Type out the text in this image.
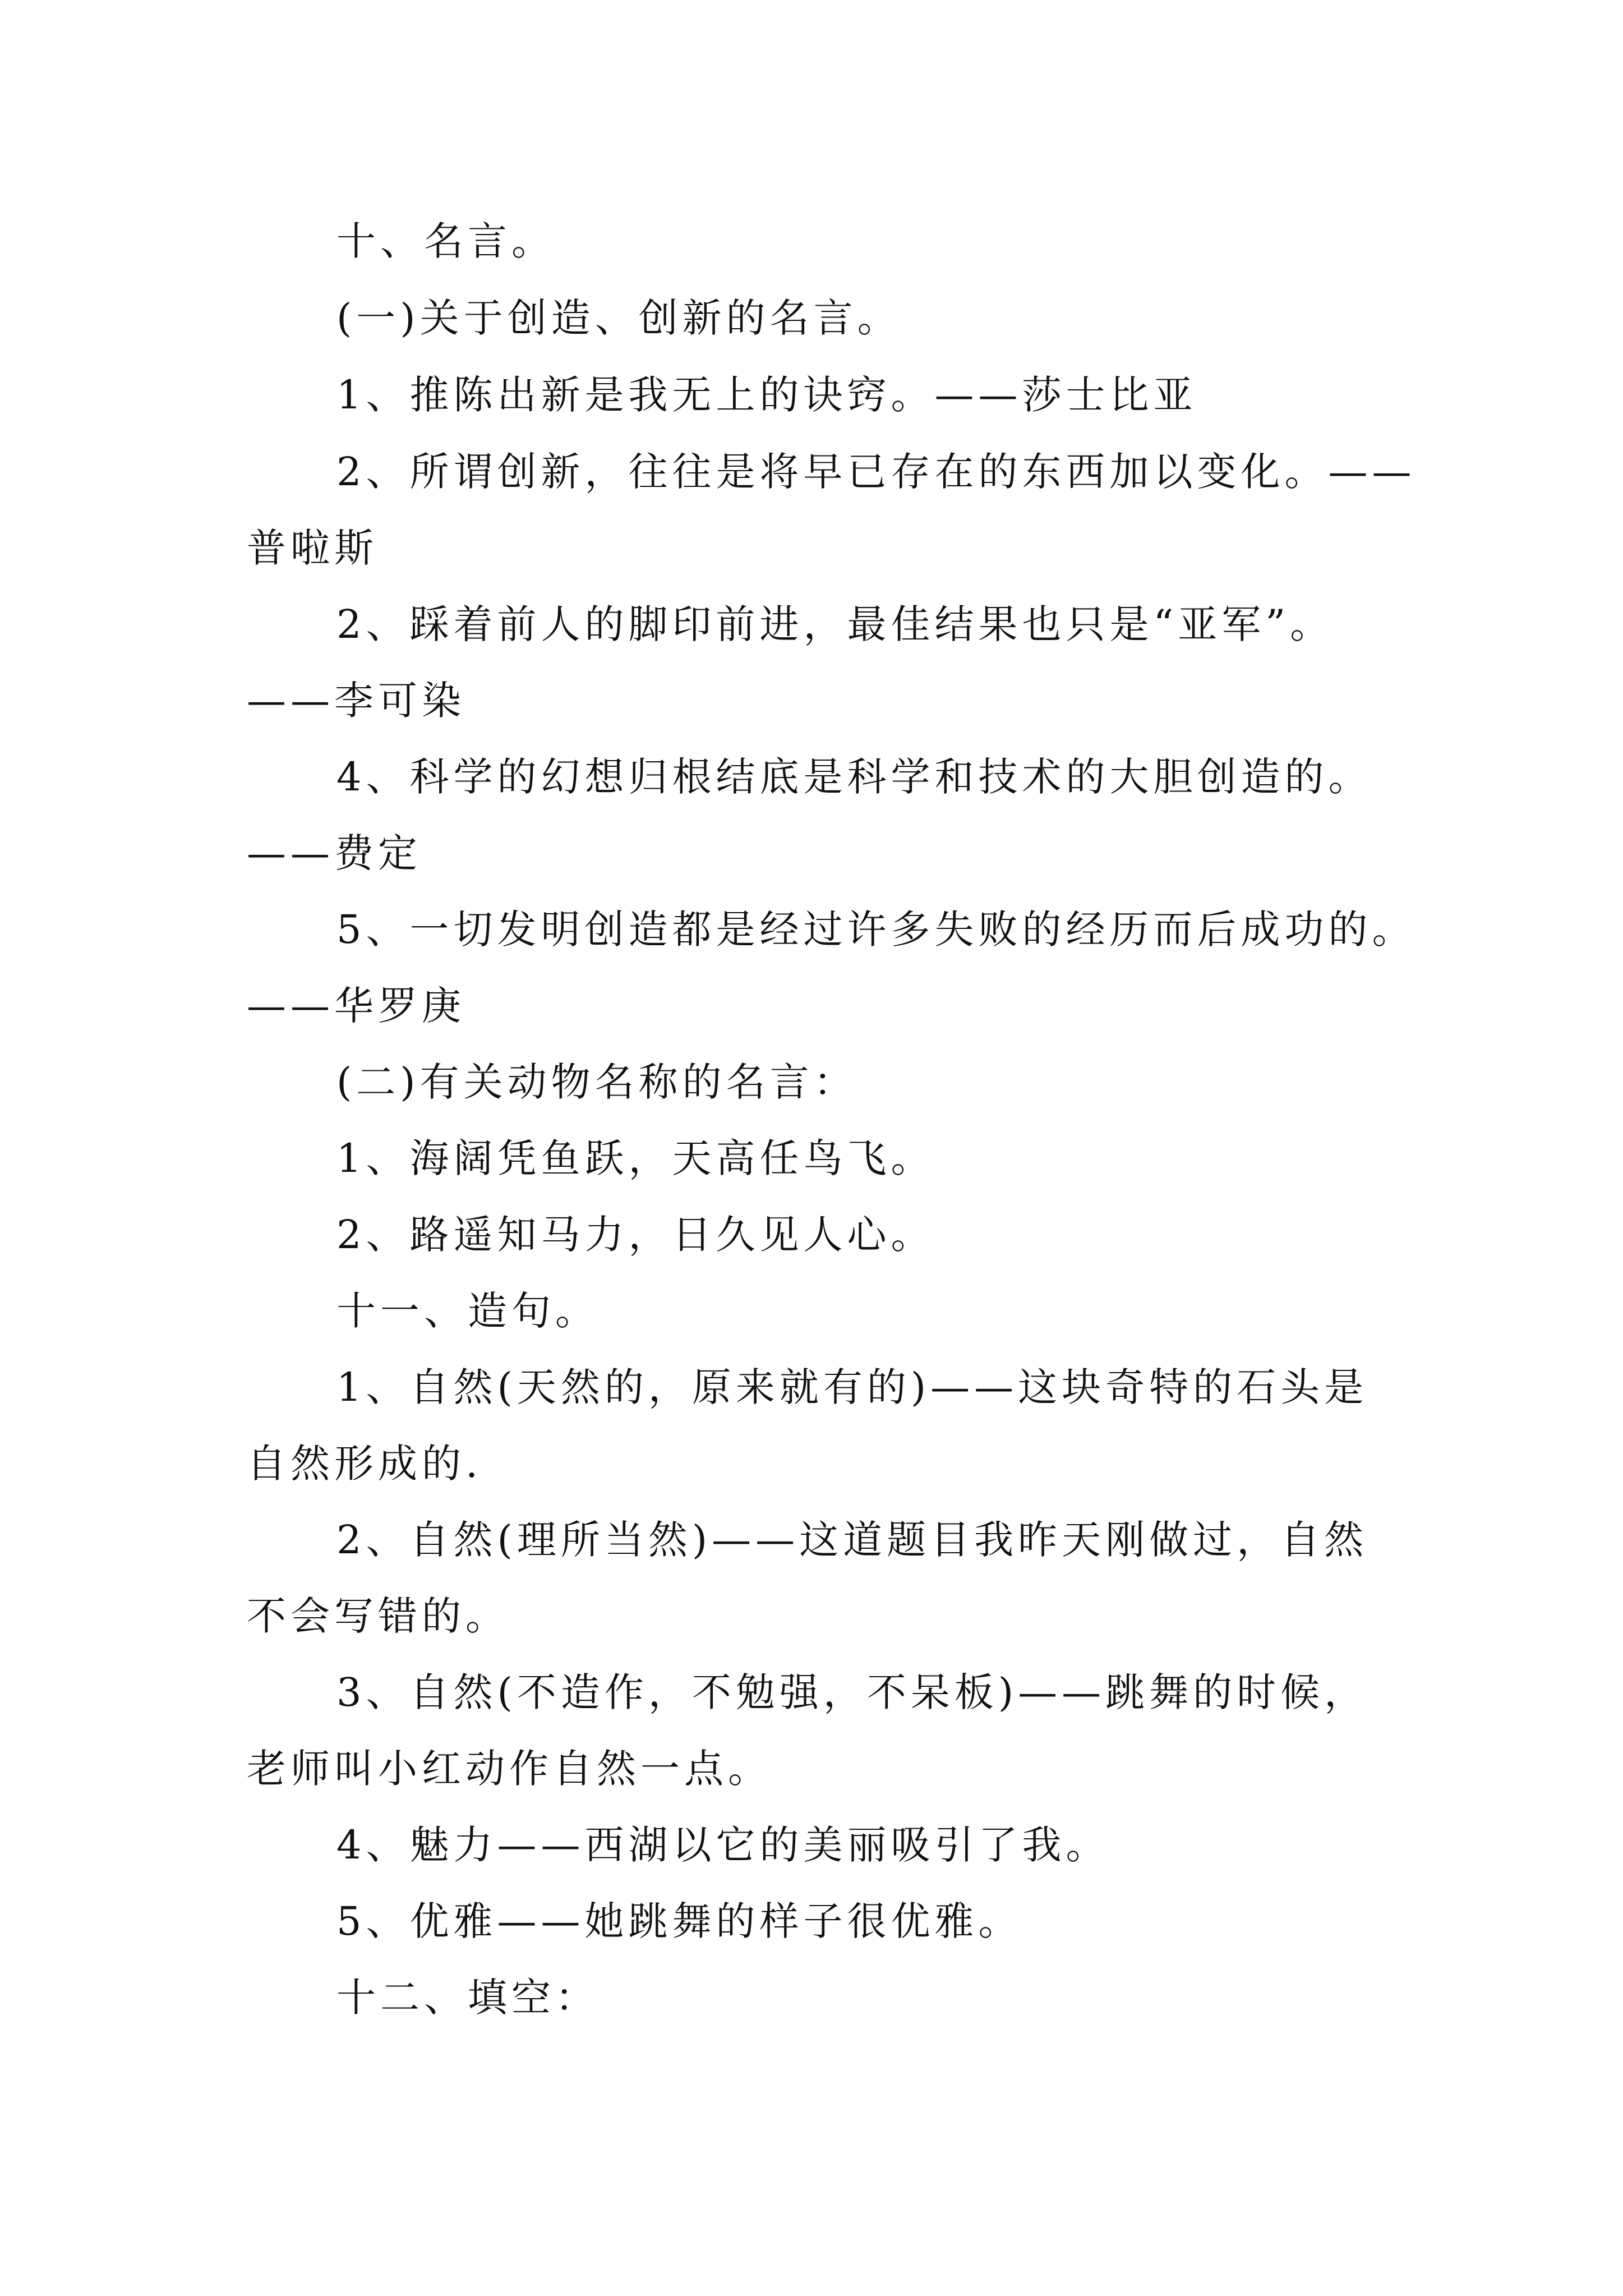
十、名言。
(一)关于创造、创新的名言。
1、推陈出新是我无上的诀窍。——莎士比亚
2、所谓创新，往往是将早已存在的东西加以变化。——
普啦斯
2、踩着前人的脚印前进，最佳结果也只是“亚军”。
——李可染
4、科学的幻想归根结底是科学和技术的大胆创造的。
——费定
5、一切发明创造都是经过许多失败的经历而后成功的。
——华罗庚
(二)有关动物名称的名言：
1、海阔凭鱼跃，天高任鸟飞。
2、路遥知马力，日久见人心。
十一、造句。
1、自然(天然的，原来就有的)——这块奇特的石头是
自然形成的.
2、自然(理所当然)——这道题目我昨天刚做过，自然
不会写错的。
3、自然(不造作，不勉强，不呆板)——跳舞的时候，
老师叫小红动作自然一点。
4、魅力——西湖以它的美丽吸引了我。
5、优雅——她跳舞的样子很优雅。
十二、填空：
